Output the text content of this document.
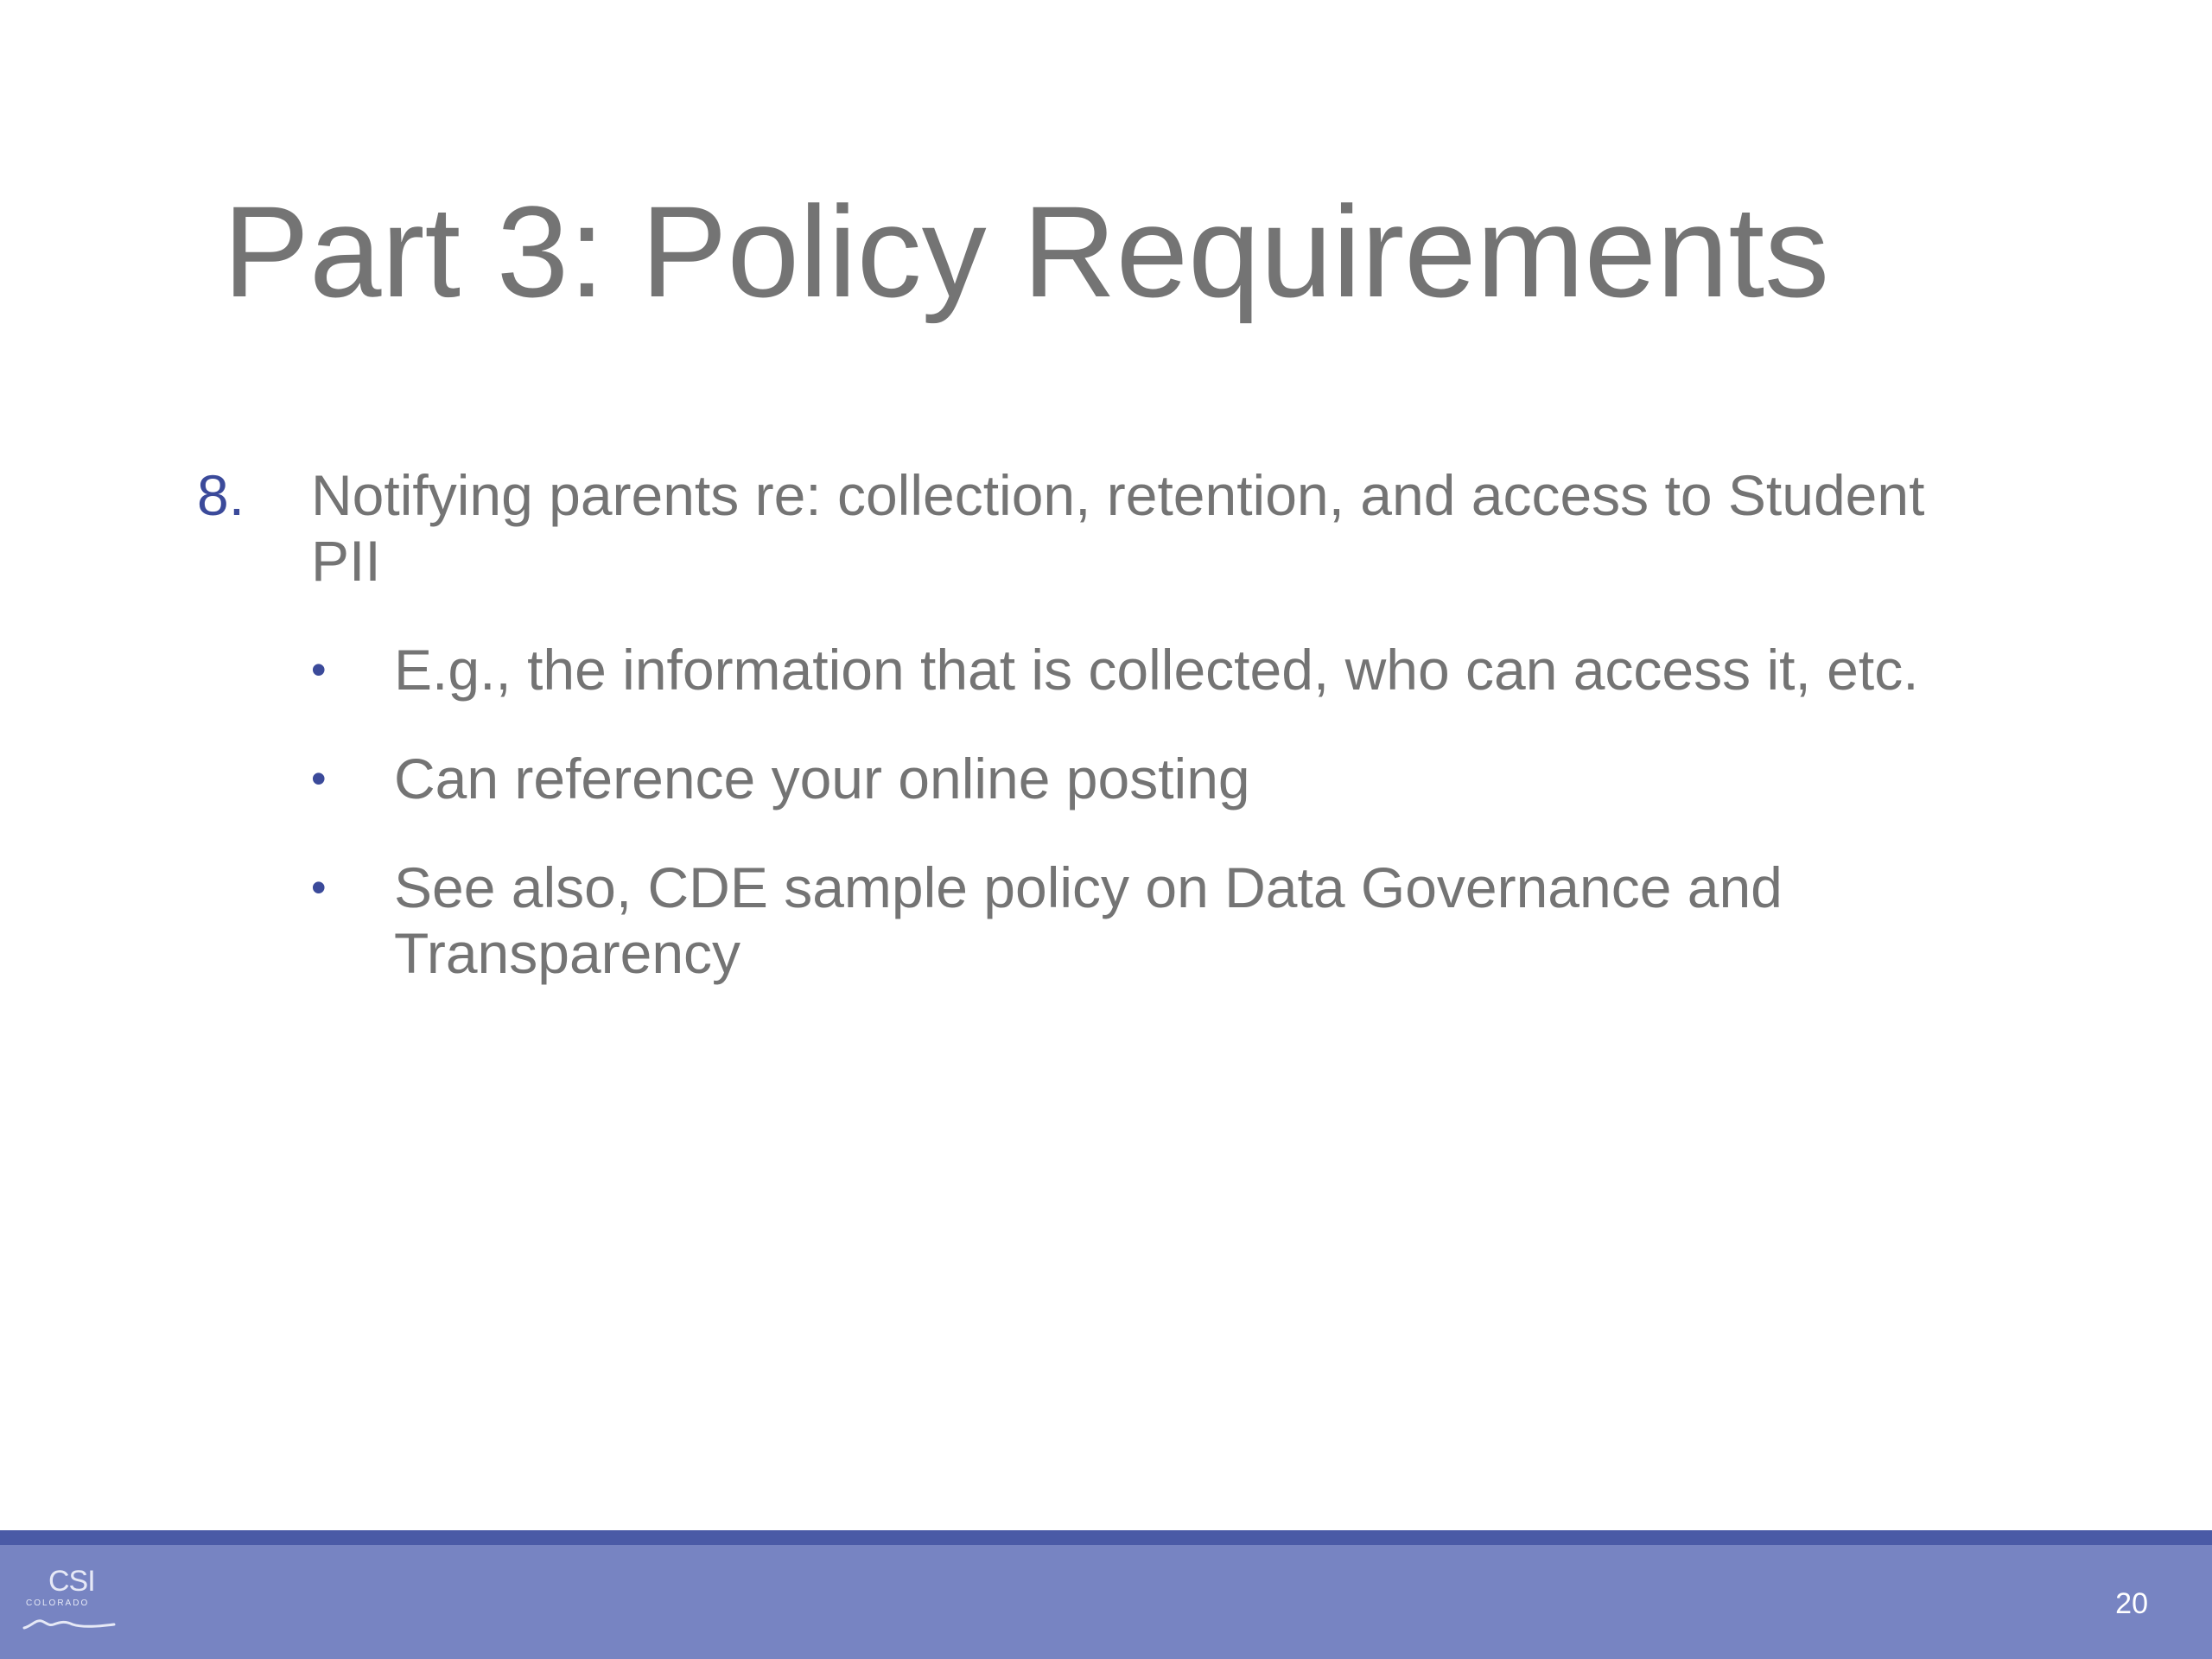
Part 3: Policy Requirements
8. Notifying parents re: collection, retention, and access to Student PII
• E.g., the information that is collected, who can access it, etc.
• Can reference your online posting
• See also, CDE sample policy on Data Governance and Transparency
CSI
COLORADO	20
